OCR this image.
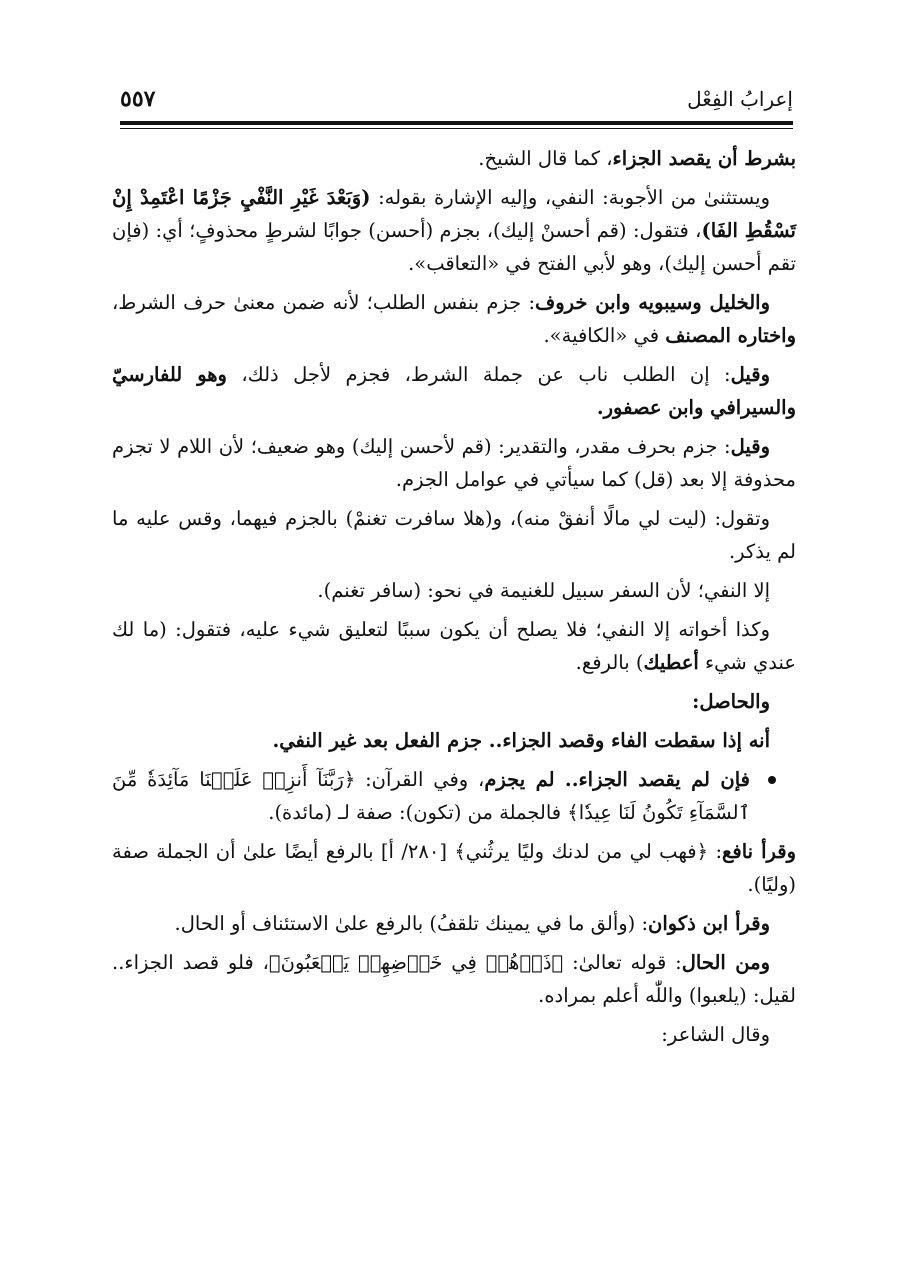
إعرابُ الفِعْل
٥٥٧

بشرط أن يقصد الجزاء، كما قال الشيخ.

ويستثنىٰ من الأجوبة: النفي، وإليه الإشارة بقوله: (وَبَعْدَ غَيْرِ النَّفْيِ جَزْمًا اعْتَمِدْ إِنْ تَسْقُطِ الفَا)، فتقول: (قم أحسنْ إليك)، بجزم (أحسن) جوابًا لشرطٍ محذوفٍ؛ أي: (فإن تقم أحسن إليك)، وهو لأبي الفتح في «التعاقب».

والخليل وسيبويه وابن خروف: جزم بنفس الطلب؛ لأنه ضمن معنىٰ حرف الشرط، واختاره المصنف في «الكافية».

وقيل: إن الطلب ناب عن جملة الشرط، فجزم لأجل ذلك، وهو للفارسيّ والسيرافي وابن عصفور.

وقيل: جزم بحرف مقدر، والتقدير: (قم لأحسن إليك) وهو ضعيف؛ لأن اللام لا تجزم محذوفة إلا بعد (قل) كما سيأتي في عوامل الجزم.

وتقول: (ليت لي مالًا أنفقْ منه)، و(هلا سافرت تغنمْ) بالجزم فيهما، وقس عليه ما لم يذكر.

إلا النفي؛ لأن السفر سبيل للغنيمة في نحو: (سافر تغنم).

وكذا أخواته إلا النفي؛ فلا يصلح أن يكون سببًا لتعليق شيء عليه، فتقول: (ما لك عندي شيء أعطيك) بالرفع.

والحاصل:

أنه إذا سقطت الفاء وقصد الجزاء.. جزم الفعل بعد غير النفي.

فإن لم يقصد الجزاء.. لم يجزم، وفي القرآن: ﴿رَبَّنَآ أَنزِلۡ عَلَيۡنَا مَآئِدَةٗ مِّنَ ٱلسَّمَآءِ تَكُونُ لَنَا عِيدٗا﴾ فالجملة من (تكون): صفة لـ (مائدة).

وقرأ نافع: ﴿فهب لي من لدنك وليًا يرثُني﴾ [٢٨٠/ أ] بالرفع أيضًا علىٰ أن الجملة صفة (وليًا).

وقرأ ابن ذكوان: (وألق ما في يمينك تلقفُ) بالرفع علىٰ الاستئناف أو الحال.

ومن الحال: قوله تعالىٰ: ﴿ذَرۡهُمۡ فِي خَوۡضِهِمۡ يَلۡعَبُونَ﴾، فلو قصد الجزاء.. لقيل: (يلعبوا) واللّٰه أعلم بمراده.

وقال الشاعر:
